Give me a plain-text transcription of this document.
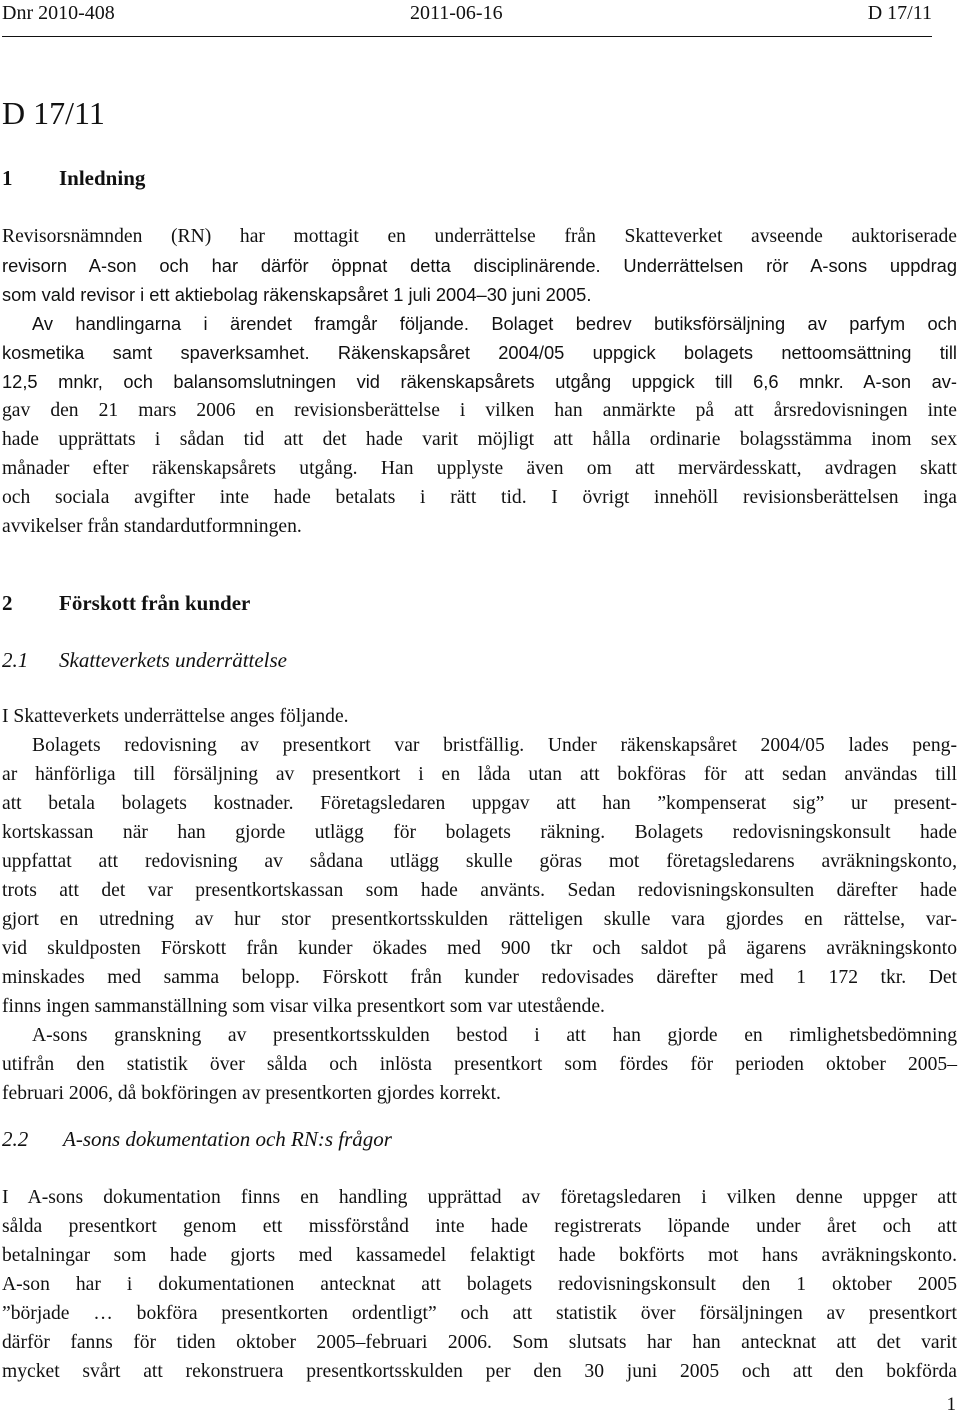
Dnr 2010-408	2011-06-16	D 17/11
D 17/11
1 Inledning
Revisorsnämnden (RN) har mottagit en underrättelse från Skatteverket avseende auktoriserade
revisorn A-son och har därför öppnat detta disciplinärende. Underrättelsen rör A-sons uppdrag
som vald revisor i ett aktiebolag räkenskapsåret 1 juli 2004–30 juni 2005.
Av handlingarna i ärendet framgår följande. Bolaget bedrev butiksförsäljning av parfym och
kosmetika samt spaverksamhet. Räkenskapsåret 2004/05 uppgick bolagets nettoomsättning till
12,5 mnkr, och balansomslutningen vid räkenskapsårets utgång uppgick till 6,6 mnkr. A-son av-
gav den 21 mars 2006 en revisionsberättelse i vilken han anmärkte på att årsredovisningen inte
hade upprättats i sådan tid att det hade varit möjligt att hålla ordinarie bolagsstämma inom sex
månader efter räkenskapsårets utgång. Han upplyste även om att mervärdesskatt, avdragen skatt
och sociala avgifter inte hade betalats i rätt tid. I övrigt innehöll revisionsberättelsen inga
avvikelser från standardutformningen.
2 Förskott från kunder
2.1 Skatteverkets underrättelse
I Skatteverkets underrättelse anges följande.
Bolagets redovisning av presentkort var bristfällig. Under räkenskapsåret 2004/05 lades peng-
ar hänförliga till försäljning av presentkort i en låda utan att bokföras för att sedan användas till
att betala bolagets kostnader. Företagsledaren uppgav att han ”kompenserat sig” ur present-
kortskassan när han gjorde utlägg för bolagets räkning. Bolagets redovisningskonsult hade
uppfattat att redovisning av sådana utlägg skulle göras mot företagsledarens avräkningskonto,
trots att det var presentkortskassan som hade använts. Sedan redovisningskonsulten därefter hade
gjort en utredning av hur stor presentkortsskulden rätteligen skulle vara gjordes en rättelse, var-
vid skuldposten Förskott från kunder ökades med 900 tkr och saldot på ägarens avräkningskonto
minskades med samma belopp. Förskott från kunder redovisades därefter med 1 172 tkr. Det
finns ingen sammanställning som visar vilka presentkort som var utestående.
A-sons granskning av presentkortsskulden bestod i att han gjorde en rimlighetsbedömning
utifrån den statistik över sålda och inlösta presentkort som fördes för perioden oktober 2005–
februari 2006, då bokföringen av presentkorten gjordes korrekt.
2.2 A-sons dokumentation och RN:s frågor
I A-sons dokumentation finns en handling upprättad av företagsledaren i vilken denne uppger att
sålda presentkort genom ett missförstånd inte hade registrerats löpande under året och att
betalningar som hade gjorts med kassamedel felaktigt hade bokförts mot hans avräkningskonto.
A-son har i dokumentationen antecknat att bolagets redovisningskonsult den 1 oktober 2005
”började … bokföra presentkorten ordentligt” och att statistik över försäljningen av presentkort
därför fanns för tiden oktober 2005–februari 2006. Som slutsats har han antecknat att det varit
mycket svårt att rekonstruera presentkortsskulden per den 30 juni 2005 och att den bokförda
1
